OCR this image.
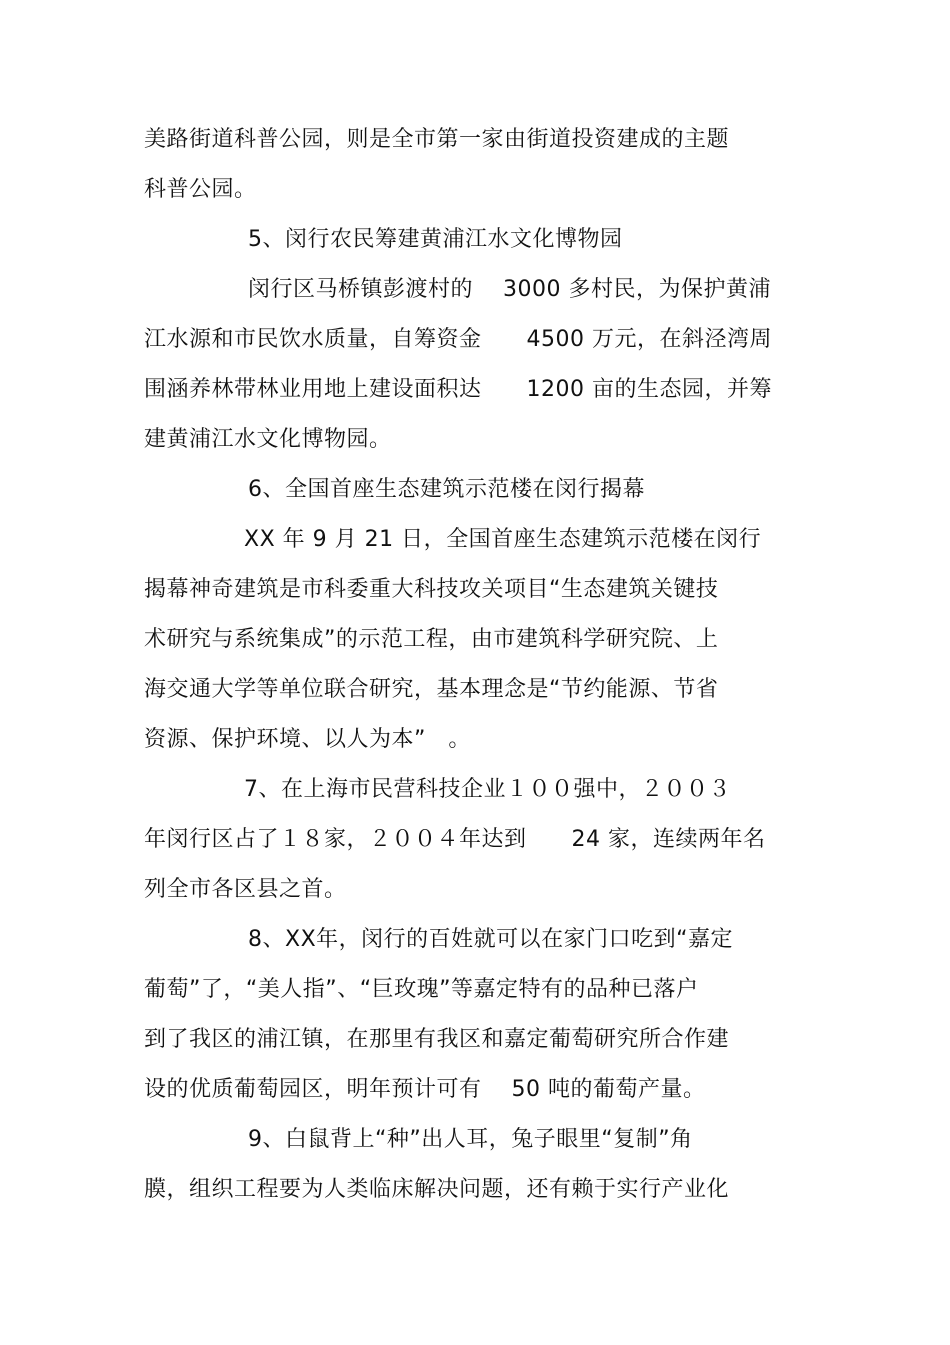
美路街道科普公园，则是全市第一家由街道投资建成的主题
科普公园。
5、闵行农民筹建黄浦江水文化博物园
闵行区马桥镇彭渡村的　 3000 多村民，为保护黄浦
江水源和市民饮水质量，自筹资金　　4500 万元，在斜泾湾周
围涵养林带林业用地上建设面积达　　1200 亩的生态园，并筹
建黄浦江水文化博物园。
6、全国首座生态建筑示范楼在闵行揭幕
XX 年 9 月 21 日，全国首座生态建筑示范楼在闵行
揭幕神奇建筑是市科委重大科技攻关项目“生态建筑关键技
术研究与系统集成”的示范工程，由市建筑科学研究院、上
海交通大学等单位联合研究，基本理念是“节约能源、节省
资源、保护环境、以人为本”　。
7、在上海市民营科技企业１００强中，２００３
年闵行区占了１８家，２００４年达到　　24 家，连续两年名
列全市各区县之首。
8、XX年，闵行的百姓就可以在家门口吃到“嘉定
葡萄”了，“美人指”、“巨玫瑰”等嘉定特有的品种已落户
到了我区的浦江镇，在那里有我区和嘉定葡萄研究所合作建
设的优质葡萄园区，明年预计可有　 50 吨的葡萄产量。
9、白鼠背上“种”出人耳，兔子眼里“复制”角
膜，组织工程要为人类临床解决问题，还有赖于实行产业化
